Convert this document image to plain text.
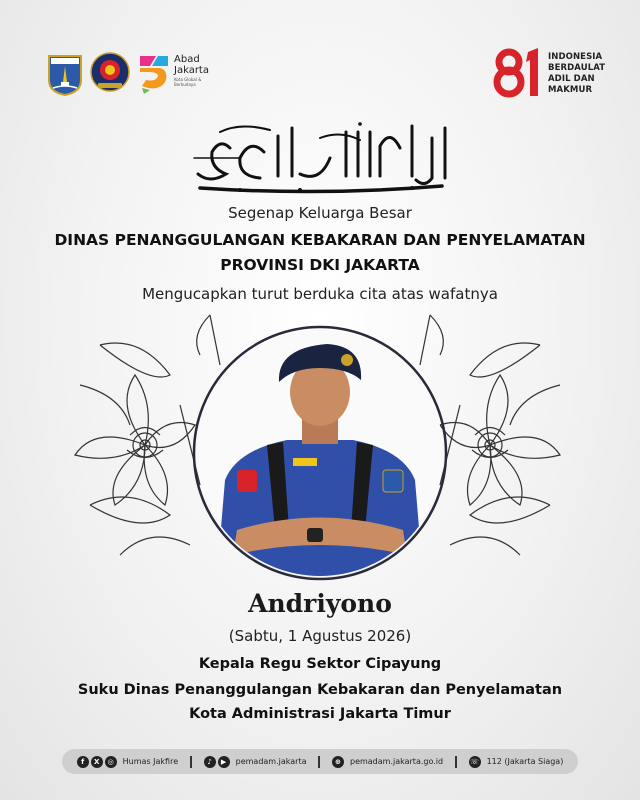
Abad
Jakarta
Kota Global & Berbudaya
INDONESIA
BERDAULAT
ADIL DAN
MAKMUR
Segenap Keluarga Besar
DINAS PENANGGULANGAN KEBAKARAN DAN PENYELAMATAN
PROVINSI DKI JAKARTA
Mengucapkan turut berduka cita atas wafatnya
Andriyono
(Sabtu, 1 Agustus 2026)
Kepala Regu Sektor Cipayung
Suku Dinas Penanggulangan Kebakaran dan Penyelamatan
Kota Administrasi Jakarta Timur
f	X	◎	Humas Jakfire	♪	▶	pemadam.jakarta	⊕	pemadam.jakarta.go.id	☏ 112 (Jakarta Siaga)
